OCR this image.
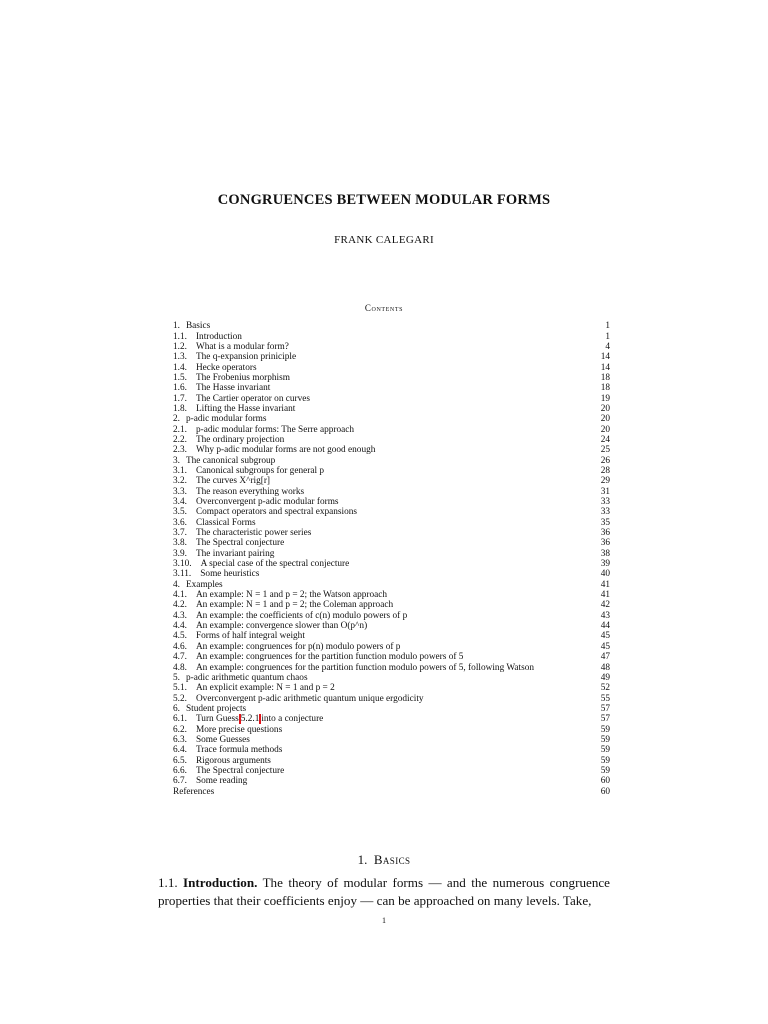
CONGRUENCES BETWEEN MODULAR FORMS
FRANK CALEGARI
Contents
1. Basics	1
1.1. Introduction	1
1.2. What is a modular form?	4
1.3. The q-expansion priniciple	14
1.4. Hecke operators	14
1.5. The Frobenius morphism	18
1.6. The Hasse invariant	18
1.7. The Cartier operator on curves	19
1.8. Lifting the Hasse invariant	20
2. p-adic modular forms	20
2.1. p-adic modular forms: The Serre approach	20
2.2. The ordinary projection	24
2.3. Why p-adic modular forms are not good enough	25
3. The canonical subgroup	26
3.1. Canonical subgroups for general p	28
3.2. The curves X^rig[r]	29
3.3. The reason everything works	31
3.4. Overconvergent p-adic modular forms	33
3.5. Compact operators and spectral expansions	33
3.6. Classical Forms	35
3.7. The characteristic power series	36
3.8. The Spectral conjecture	36
3.9. The invariant pairing	38
3.10. A special case of the spectral conjecture	39
3.11. Some heuristics	40
4. Examples	41
4.1. An example: N = 1 and p = 2; the Watson approach	41
4.2. An example: N = 1 and p = 2; the Coleman approach	42
4.3. An example: the coefficients of c(n) modulo powers of p	43
4.4. An example: convergence slower than O(p^n)	44
4.5. Forms of half integral weight	45
4.6. An example: congruences for p(n) modulo powers of p	45
4.7. An example: congruences for the partition function modulo powers of 5	47
4.8. An example: congruences for the partition function modulo powers of 5, following Watson	48
5. p-adic arithmetic quantum chaos	49
5.1. An explicit example: N = 1 and p = 2	52
5.2. Overconvergent p-adic arithmetic quantum unique ergodicity	55
6. Student projects	57
6.1. Turn Guess 5.2.1 into a conjecture	57
6.2. More precise questions	59
6.3. Some Guesses	59
6.4. Trace formula methods	59
6.5. Rigorous arguments	59
6.6. The Spectral conjecture	59
6.7. Some reading	60
References	60
1. Basics
1.1. Introduction. The theory of modular forms — and the numerous congruence properties that their coefficients enjoy — can be approached on many levels. Take,
1
